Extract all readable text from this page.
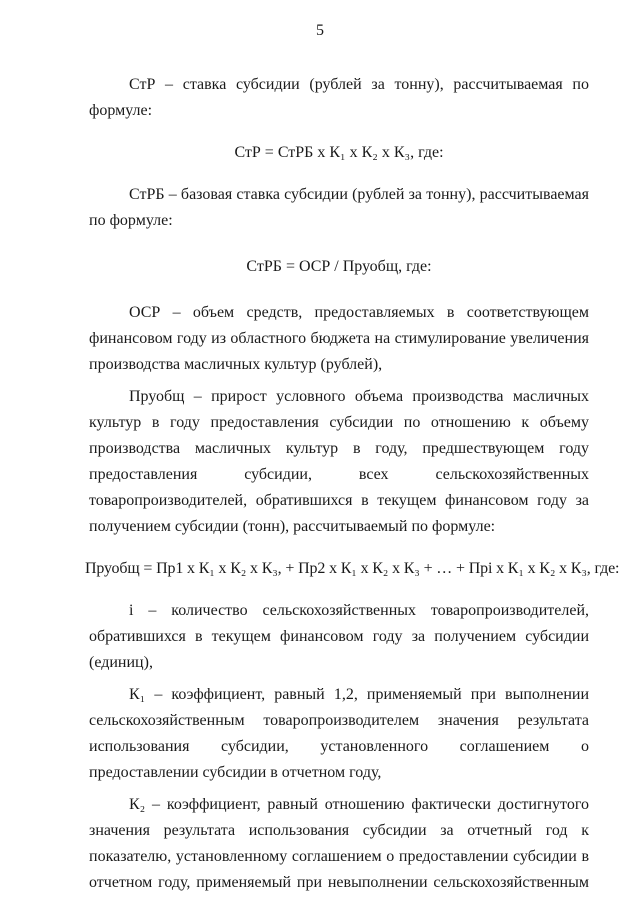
5

СтР – ставка субсидии (рублей за тонну), рассчитываемая по формуле:

СтР = СтРБ х К₁ х К₂ х К₃, где:

СтРБ – базовая ставка субсидии (рублей за тонну), рассчитываемая по формуле:

СтРБ = ОСР / Пруобщ, где:

ОСР – объем средств, предоставляемых в соответствующем финансовом году из областного бюджета на стимулирование увеличения производства масличных культур (рублей),

Пруобщ – прирост условного объема производства масличных культур в году предоставления субсидии по отношению к объему производства масличных культур в году, предшествующем году предоставления субсидии, всех сельскохозяйственных товаропроизводителей, обратившихся в текущем финансовом году за получением субсидии (тонн), рассчитываемый по формуле:

Пруобщ = Пр1 х К₁ х К₂ х К₃, + Пр2 х К₁ х К₂ х К₃ + … + Прi х К₁ х К₂ х К₃, где:

i – количество сельскохозяйственных товаропроизводителей, обратившихся в текущем финансовом году за получением субсидии (единиц),

К₁ – коэффициент, равный 1,2, применяемый при выполнении сельскохозяйственным товаропроизводителем значения результата использования субсидии, установленного соглашением о предоставлении субсидии в отчетном году,

К₂ – коэффициент, равный отношению фактически достигнутого значения результата использования субсидии за отчетный год к показателю, установленному соглашением о предоставлении субсидии в отчетном году, применяемый при невыполнении сельскохозяйственным
